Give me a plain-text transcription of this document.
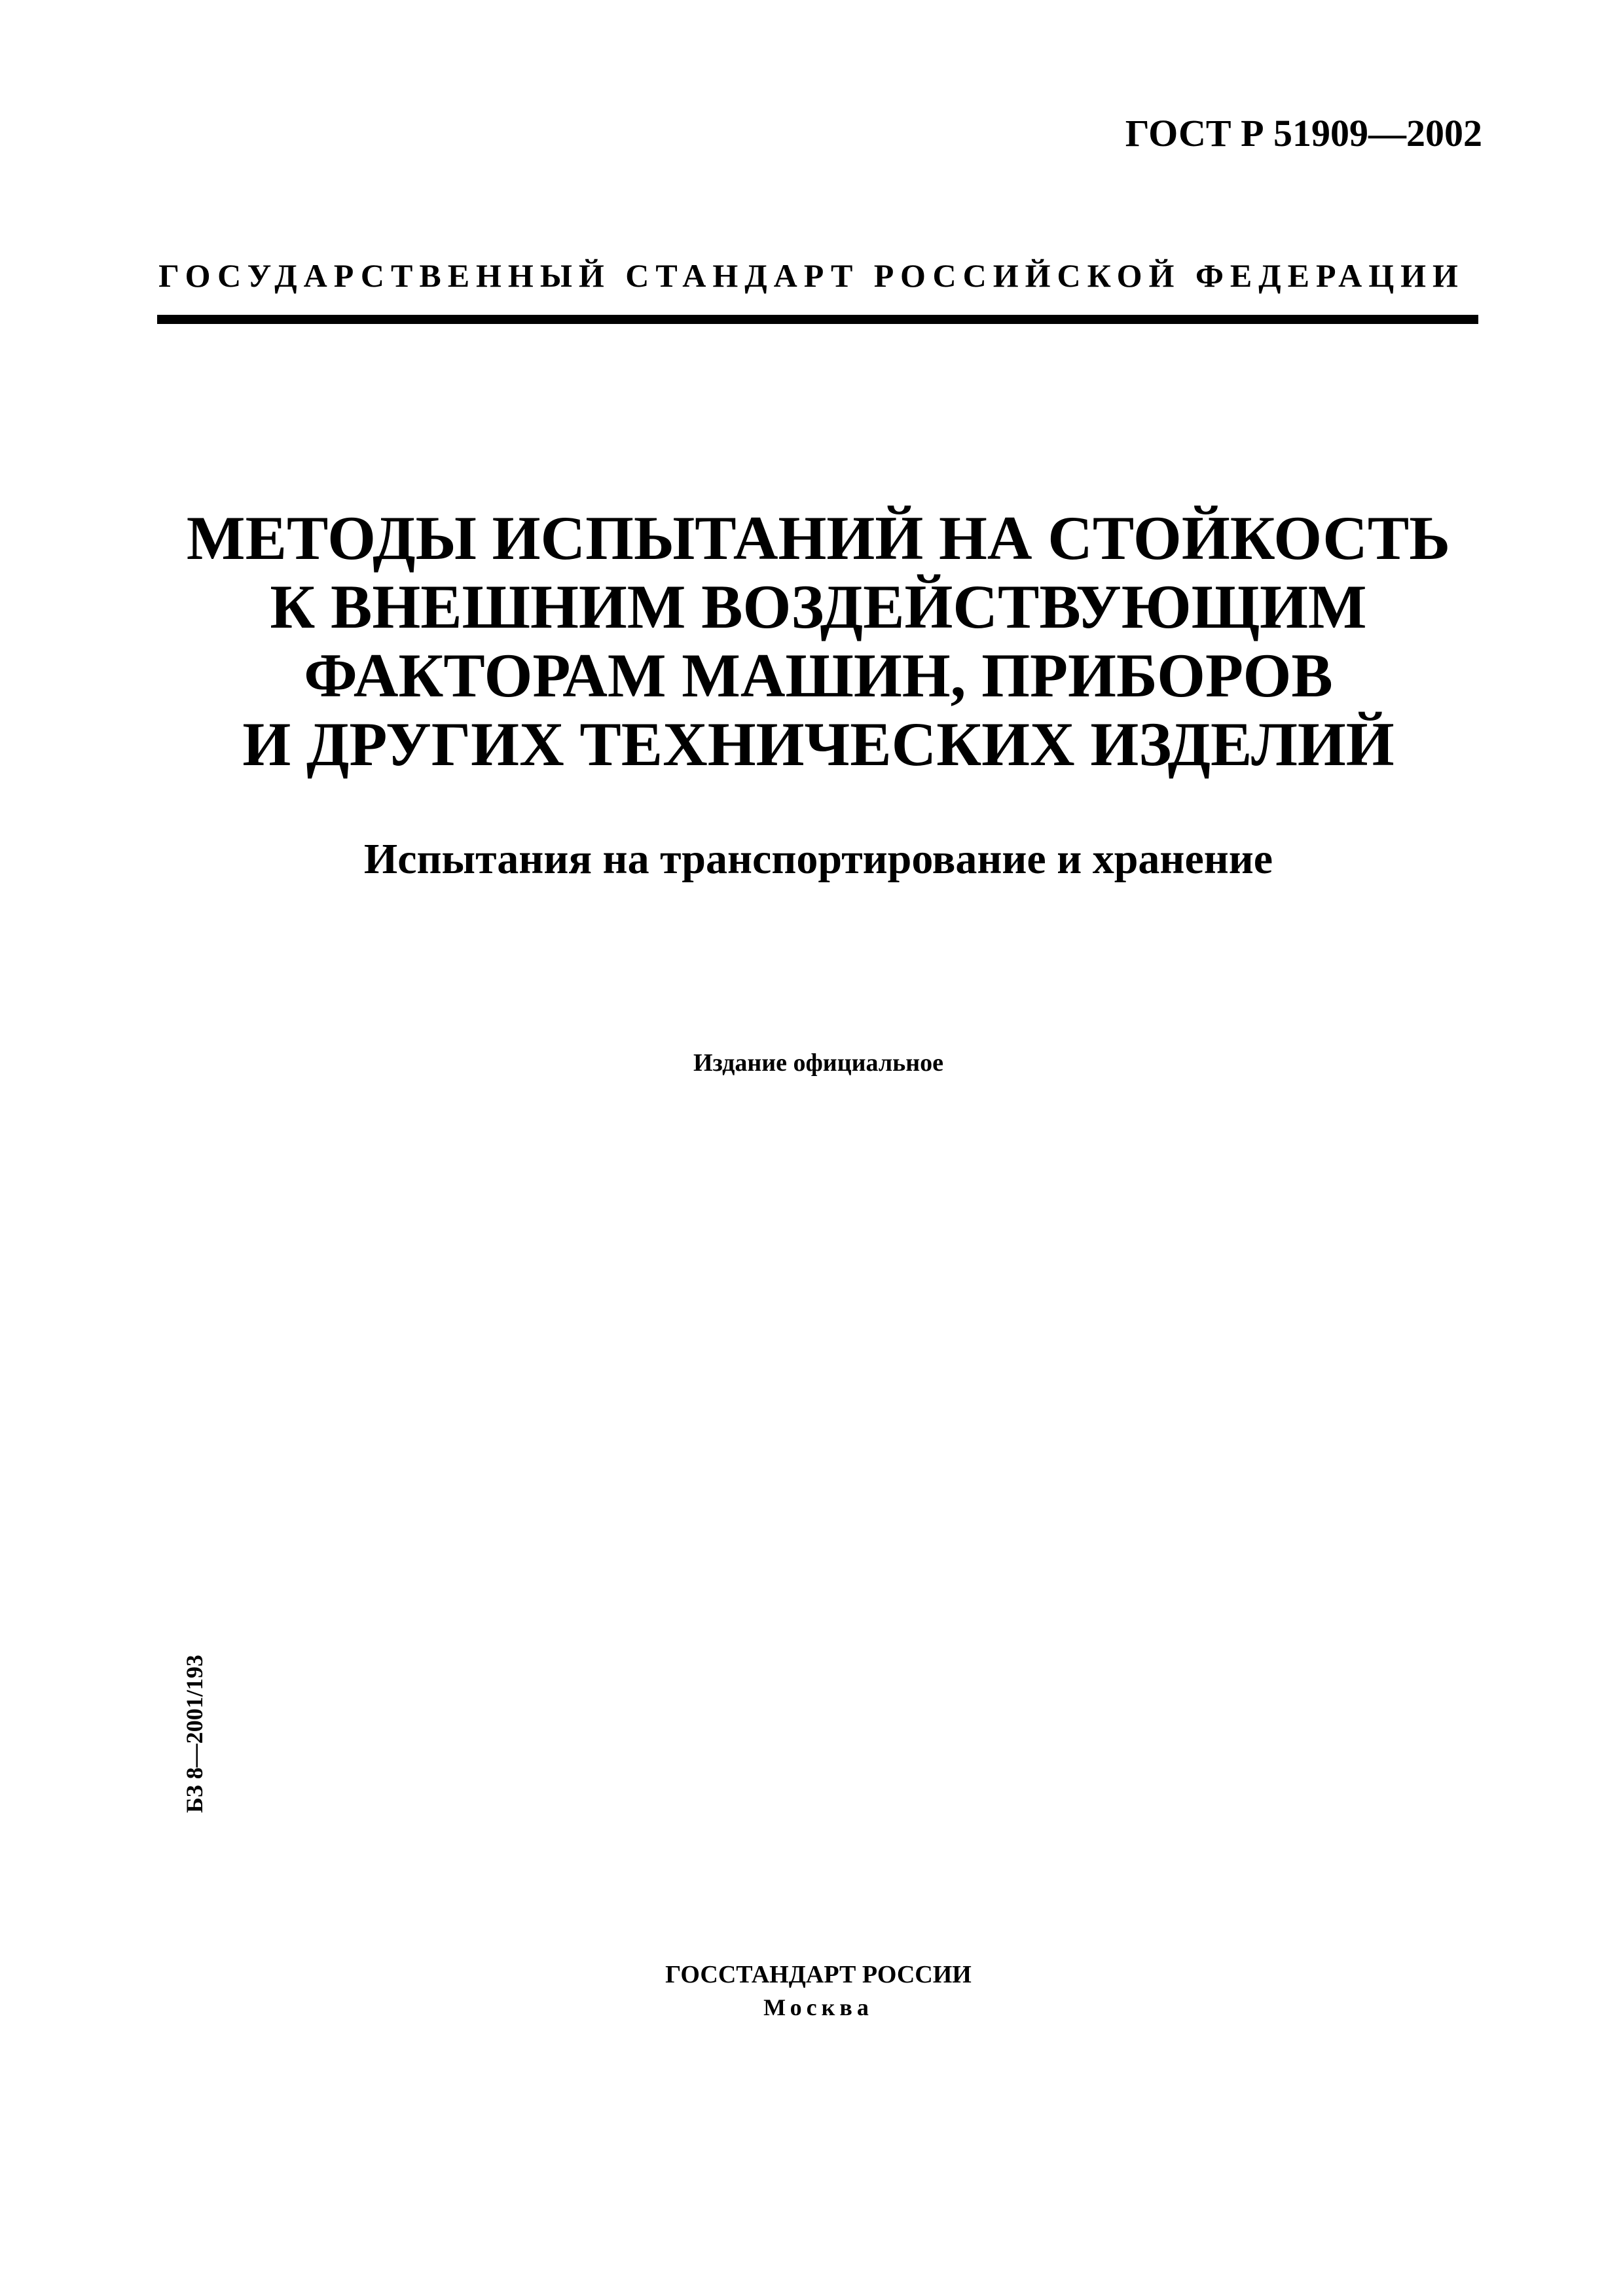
ГОСТ Р 51909—2002
ГОСУДАРСТВЕННЫЙ СТАНДАРТ РОССИЙСКОЙ ФЕДЕРАЦИИ
МЕТОДЫ ИСПЫТАНИЙ НА СТОЙКОСТЬ
К ВНЕШНИМ ВОЗДЕЙСТВУЮЩИМ
ФАКТОРАМ МАШИН, ПРИБОРОВ
И ДРУГИХ ТЕХНИЧЕСКИХ ИЗДЕЛИЙ
Испытания на транспортирование и хранение
Издание официальное
БЗ 8—2001/193
ГОССТАНДАРТ РОССИИ
Москва
